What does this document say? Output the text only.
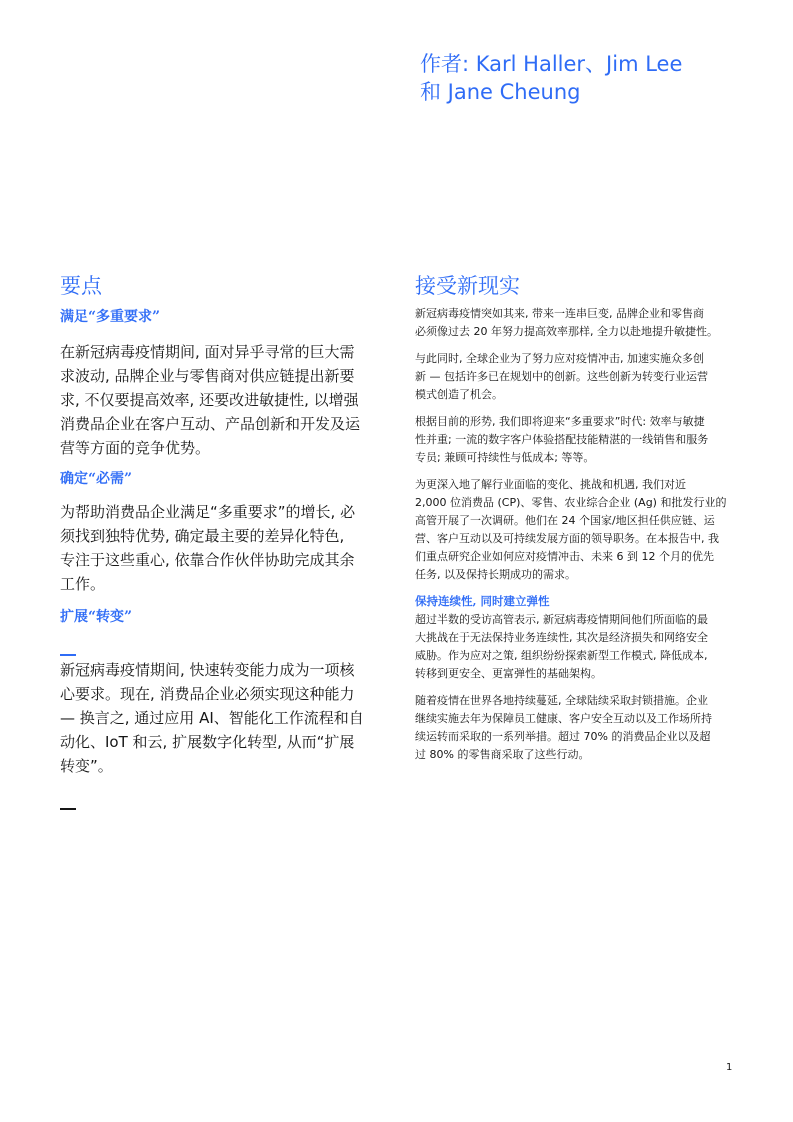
作者: Karl Haller、Jim Lee
和 Jane Cheung
要点	接受新现实
满足“多重要求”
在新冠病毒疫情期间, 面对异乎寻常的巨大需
求波动, 品牌企业与零售商对供应链提出新要
求, 不仅要提高效率, 还要改进敏捷性, 以增强
消费品企业在客户互动、产品创新和开发及运
营等方面的竞争优势。
确定“必需”
为帮助消费品企业满足“多重要求”的增长, 必
须找到独特优势, 确定最主要的差异化特色,
专注于这些重心, 依靠合作伙伴协助完成其余
工作。
扩展“转变”
新冠病毒疫情期间, 快速转变能力成为一项核
心要求。现在, 消费品企业必须实现这种能力
— 换言之, 通过应用 AI、智能化工作流程和自
动化、IoT 和云, 扩展数字化转型, 从而“扩展
转变”。
新冠病毒疫情突如其来, 带来一连串巨变, 品牌企业和零售商
必须像过去 20 年努力提高效率那样, 全力以赴地提升敏捷性。
与此同时, 全球企业为了努力应对疫情冲击, 加速实施众多创
新 — 包括许多已在规划中的创新。这些创新为转变行业运营
模式创造了机会。
根据目前的形势, 我们即将迎来“多重要求”时代: 效率与敏捷
性并重; 一流的数字客户体验搭配技能精湛的一线销售和服务
专员; 兼顾可持续性与低成本; 等等。
为更深入地了解行业面临的变化、挑战和机遇, 我们对近
2,000 位消费品 (CP)、零售、农业综合企业 (Ag) 和批发行业的
高管开展了一次调研。他们在 24 个国家/地区担任供应链、运
营、客户互动以及可持续发展方面的领导职务。在本报告中, 我
们重点研究企业如何应对疫情冲击、未来 6 到 12 个月的优先
任务, 以及保持长期成功的需求。
保持连续性, 同时建立弹性
超过半数的受访高管表示, 新冠病毒疫情期间他们所面临的最
大挑战在于无法保持业务连续性, 其次是经济损失和网络安全
威胁。作为应对之策, 组织纷纷探索新型工作模式, 降低成本,
转移到更安全、更富弹性的基础架构。
随着疫情在世界各地持续蔓延, 全球陆续采取封锁措施。企业
继续实施去年为保障员工健康、客户安全互动以及工作场所持
续运转而采取的一系列举措。超过 70% 的消费品企业以及超
过 80% 的零售商采取了这些行动。
1
